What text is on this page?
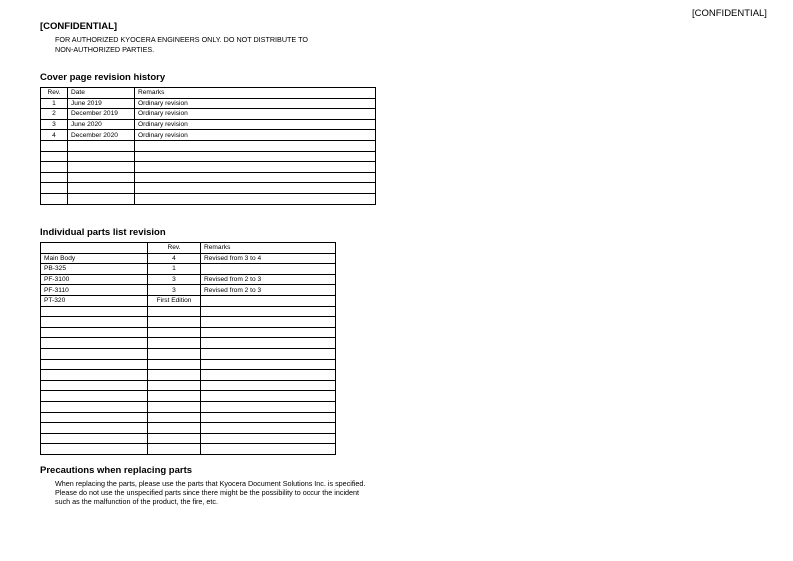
[CONFIDENTIAL]
[CONFIDENTIAL]
FOR AUTHORIZED KYOCERA ENGINEERS ONLY. DO NOT DISTRIBUTE TO
NON-AUTHORIZED PARTIES.
Cover page revision history
Rev.	Date	Remarks
1	June 2019	Ordinary revision
2	December 2019	Ordinary revision
3	June 2020	Ordinary revision
4	December 2020	Ordinary revision

Individual parts list revision
	Rev.	Remarks
Main Body	4	Revised from 3 to 4
PB-325	1	
PF-3100	3	Revised from 2 to 3
PF-3110	3	Revised from 2 to 3
PT-320	First Edition	

Precautions when replacing parts
When replacing the parts, please use the parts that Kyocera Document Solutions Inc. is specified.
Please do not use the unspecified parts since there might be the possibility to occur the incident
such as the malfunction of the product, the fire, etc.
